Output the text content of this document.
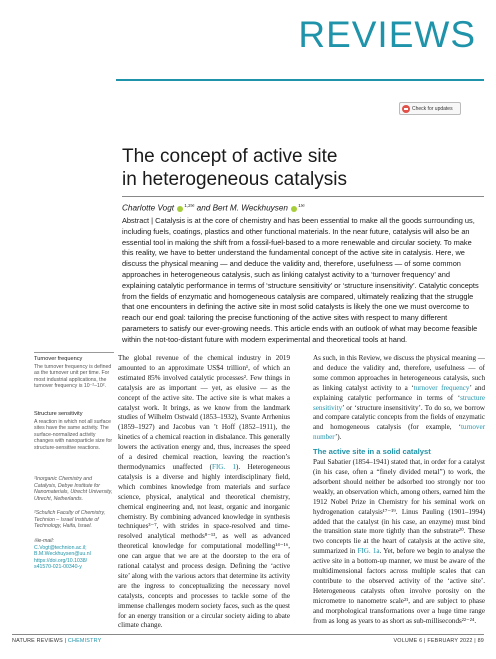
REVIEWS
Check for updates
The concept of active site
in heterogeneous catalysis
Charlotte Vogt $^{1,2✉}$ and Bert M. Weckhuysen $^{1✉}$
Abstract | Catalysis is at the core of chemistry and has been essential to make all the goods surrounding us, including fuels, coatings, plastics and other functional materials. In the near future, catalysis will also be an essential tool in making the shift from a fossil-fuel-based to a more renewable and circular society. To make this reality, we have to better understand the fundamental concept of the active site in catalysis. Here, we discuss the physical meaning — and deduce the validity and, therefore, usefulness — of some common approaches in heterogeneous catalysis, such as linking catalyst activity to a ‘turnover frequency’ and explaining catalytic performance in terms of ‘structure sensitivity’ or ‘structure insensitivity’. Catalytic concepts from the fields of enzymatic and homogeneous catalysis are compared, ultimately realizing that the struggle that one encounters in defining the active site in most solid catalysts is likely the one we must overcome to reach our end goal: tailoring the precise functioning of the active sites with respect to many different parameters to satisfy our ever-growing needs. This article ends with an outlook of what may become feasible within the not-too-distant future with modern experimental and theoretical tools at hand.
Turnover frequency
The turnover frequency is defined as the turnover unit per time. For most industrial applications, the turnover frequency is 10⁻²–10².
Structure sensitivity
A reaction in which not all surface sites have the same activity. The surface-normalized activity changes with nanoparticle size for structure-sensitive reactions.
¹Inorganic Chemistry and Catalysis, Debye Institute for Nanomaterials, Utrecht University, Utrecht, Netherlands.
²Schulich Faculty of Chemistry, Technion – Israel Institute of Technology, Haifa, Israel.
✉e-mail:
C.Vogt@technion.ac.il;
B.M.Weckhuysen@uu.nl
https://doi.org/10.1038/
s41570-021-00340-y
The global revenue of the chemical industry in 2019 amounted to an approximate US$4 trillion¹, of which an estimated 85% involved catalytic processes². Few things in catalysis are as important — yet, as elusive — as the concept of the active site. The active site is what makes a catalyst work. It brings, as we know from the landmark studies of Wilhelm Ostwald (1853–1932), Svante Arrhenius (1859–1927) and Jacobus van ’t Hoff (1852–1911), the kinetics of a chemical reaction in disbalance. This generally lowers the activation energy and, thus, increases the speed of a desired chemical reaction, leaving the reaction’s thermodynamics unaffected (FIG. 1). Heterogeneous catalysis is a diverse and highly interdisciplinary field, which combines knowledge from materials and surface science, physical, analytical and theoretical chemistry, chemical engineering and, not least, organic and inorganic chemistry. By combining advanced knowledge in synthesis techniques³⁻⁷, with strides in space-resolved and time-resolved analytical methods⁸⁻¹³, as well as advanced theoretical knowledge for computational modelling¹⁴⁻¹⁶, one can argue that we are at the doorstep to the era of rational catalyst and process design. Defining the ‘active site’ along with the various actors that determine its activity are the ingress to conceptualizing the necessary novel catalysts, concepts and processes to tackle some of the immense challenges modern society faces, such as the quest for an energy transition or a circular society aiding to abate climate change.

As such, in this Review, we discuss the physical meaning — and deduce the validity and, therefore, usefulness — of some common approaches in heterogeneous catalysis, such as linking catalyst activity to a ‘turnover frequency’ and explaining catalytic performance in terms of ‘structure sensitivity’ or ‘structure insensitivity’. To do so, we borrow and compare catalytic concepts from the fields of enzymatic and homogeneous catalysis (for example, ‘turnover number’).

The active site in a solid catalyst

Paul Sabatier (1854–1941) stated that, in order for a catalyst (in his case, often a “finely divided metal”) to work, the adsorbent should neither be adsorbed too strongly nor too weakly, an observation which, among others, earned him the 1912 Nobel Prize in Chemistry for his seminal work on hydrogenation catalysis¹⁷⁻¹⁹. Linus Pauling (1901–1994) added that the catalyst (in his case, an enzyme) must bind the transition state more tightly than the substrate²⁰. These two concepts lie at the heart of catalysis at the active site, summarized in FIG. 1a. Yet, before we begin to analyse the active site in a bottom-up manner, we must be aware of the multidimensional factors across multiple scales that can contribute to the observed activity of the ‘active site’. Heterogeneous catalysts often involve porosity on the micrometre to nanometre scale²¹, and are subject to phase and morphological transformations over a huge time range from as long as years to as short as sub-milliseconds²²⁻²⁴.

NATURE REVIEWS | CHEMISTRY	VOLUME 6 | FEBRUARY 2022 | 89
